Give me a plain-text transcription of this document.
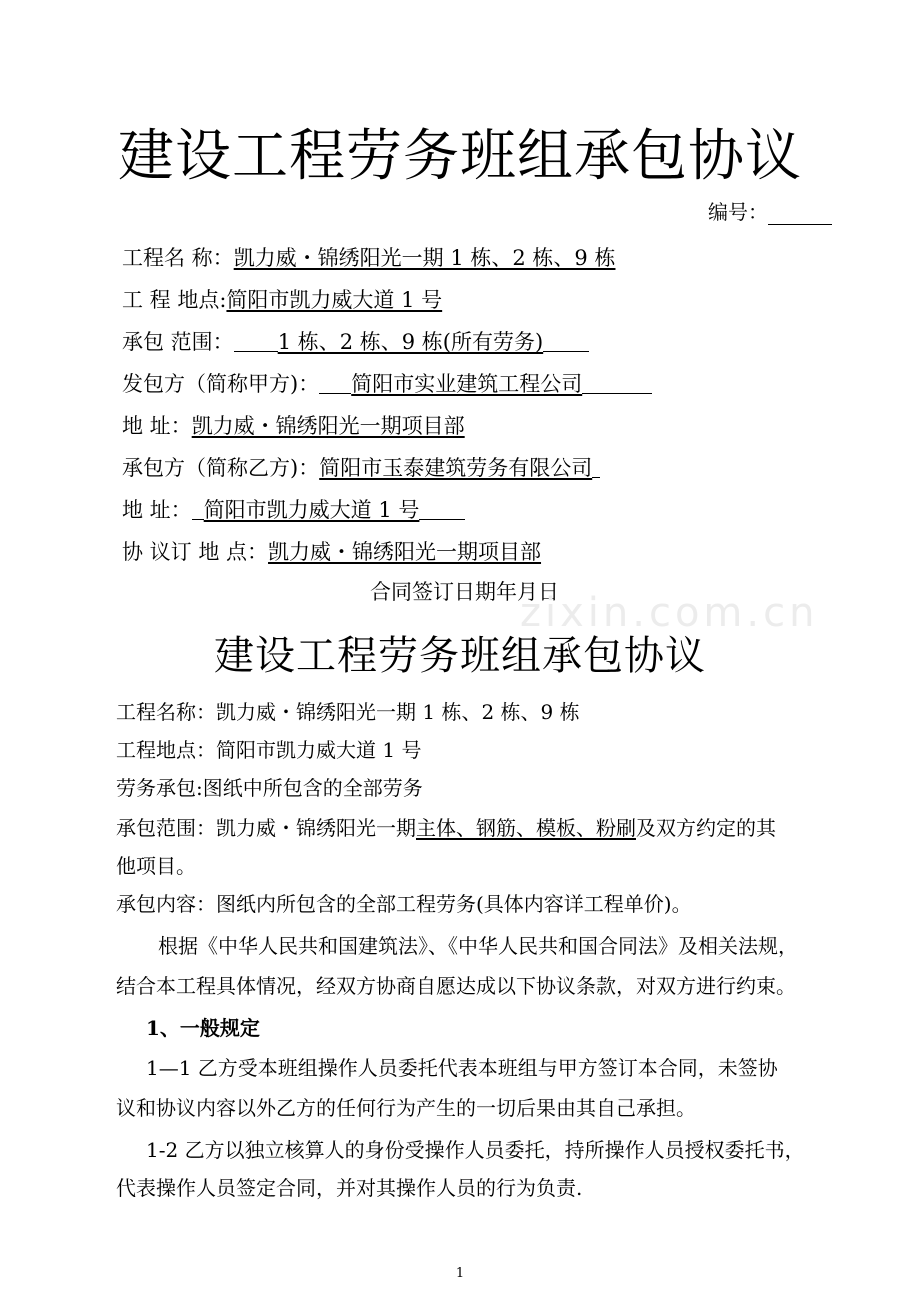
建设工程劳务班组承包协议
编号：
工程名 称：凯力威・锦绣阳光一期 1 栋、2 栋、9 栋
工 程 地点:简阳市凯力威大道 1 号
承包 范围： 1 栋、2 栋、9 栋(所有劳务)
发包方（简称甲方)： 简阳市实业建筑工程公司
地 址：凯力威・锦绣阳光一期项目部
承包方（简称乙方)：简阳市玉泰建筑劳务有限公司
地 址： 简阳市凯力威大道 1 号
协 议订 地 点：凯力威・锦绣阳光一期项目部
合同签订日期年月日
zixin.com.cn
建设工程劳务班组承包协议
工程名称：凯力威・锦绣阳光一期 1 栋、2 栋、9 栋
工程地点：简阳市凯力威大道 1 号
劳务承包:图纸中所包含的全部劳务
承包范围：凯力威・锦绣阳光一期主体、钢筋、模板、粉刷及双方约定的其
他项目。
承包内容：图纸内所包含的全部工程劳务(具体内容详工程单价)。
根据《中华人民共和国建筑法》、《中华人民共和国合同法》及相关法规，
结合本工程具体情况，经双方协商自愿达成以下协议条款，对双方进行约束。
1、一般规定
1—1 乙方受本班组操作人员委托代表本班组与甲方签订本合同，未签协
议和协议内容以外乙方的任何行为产生的一切后果由其自己承担。
1-2 乙方以独立核算人的身份受操作人员委托，持所操作人员授权委托书，
代表操作人员签定合同，并对其操作人员的行为负责.
1
